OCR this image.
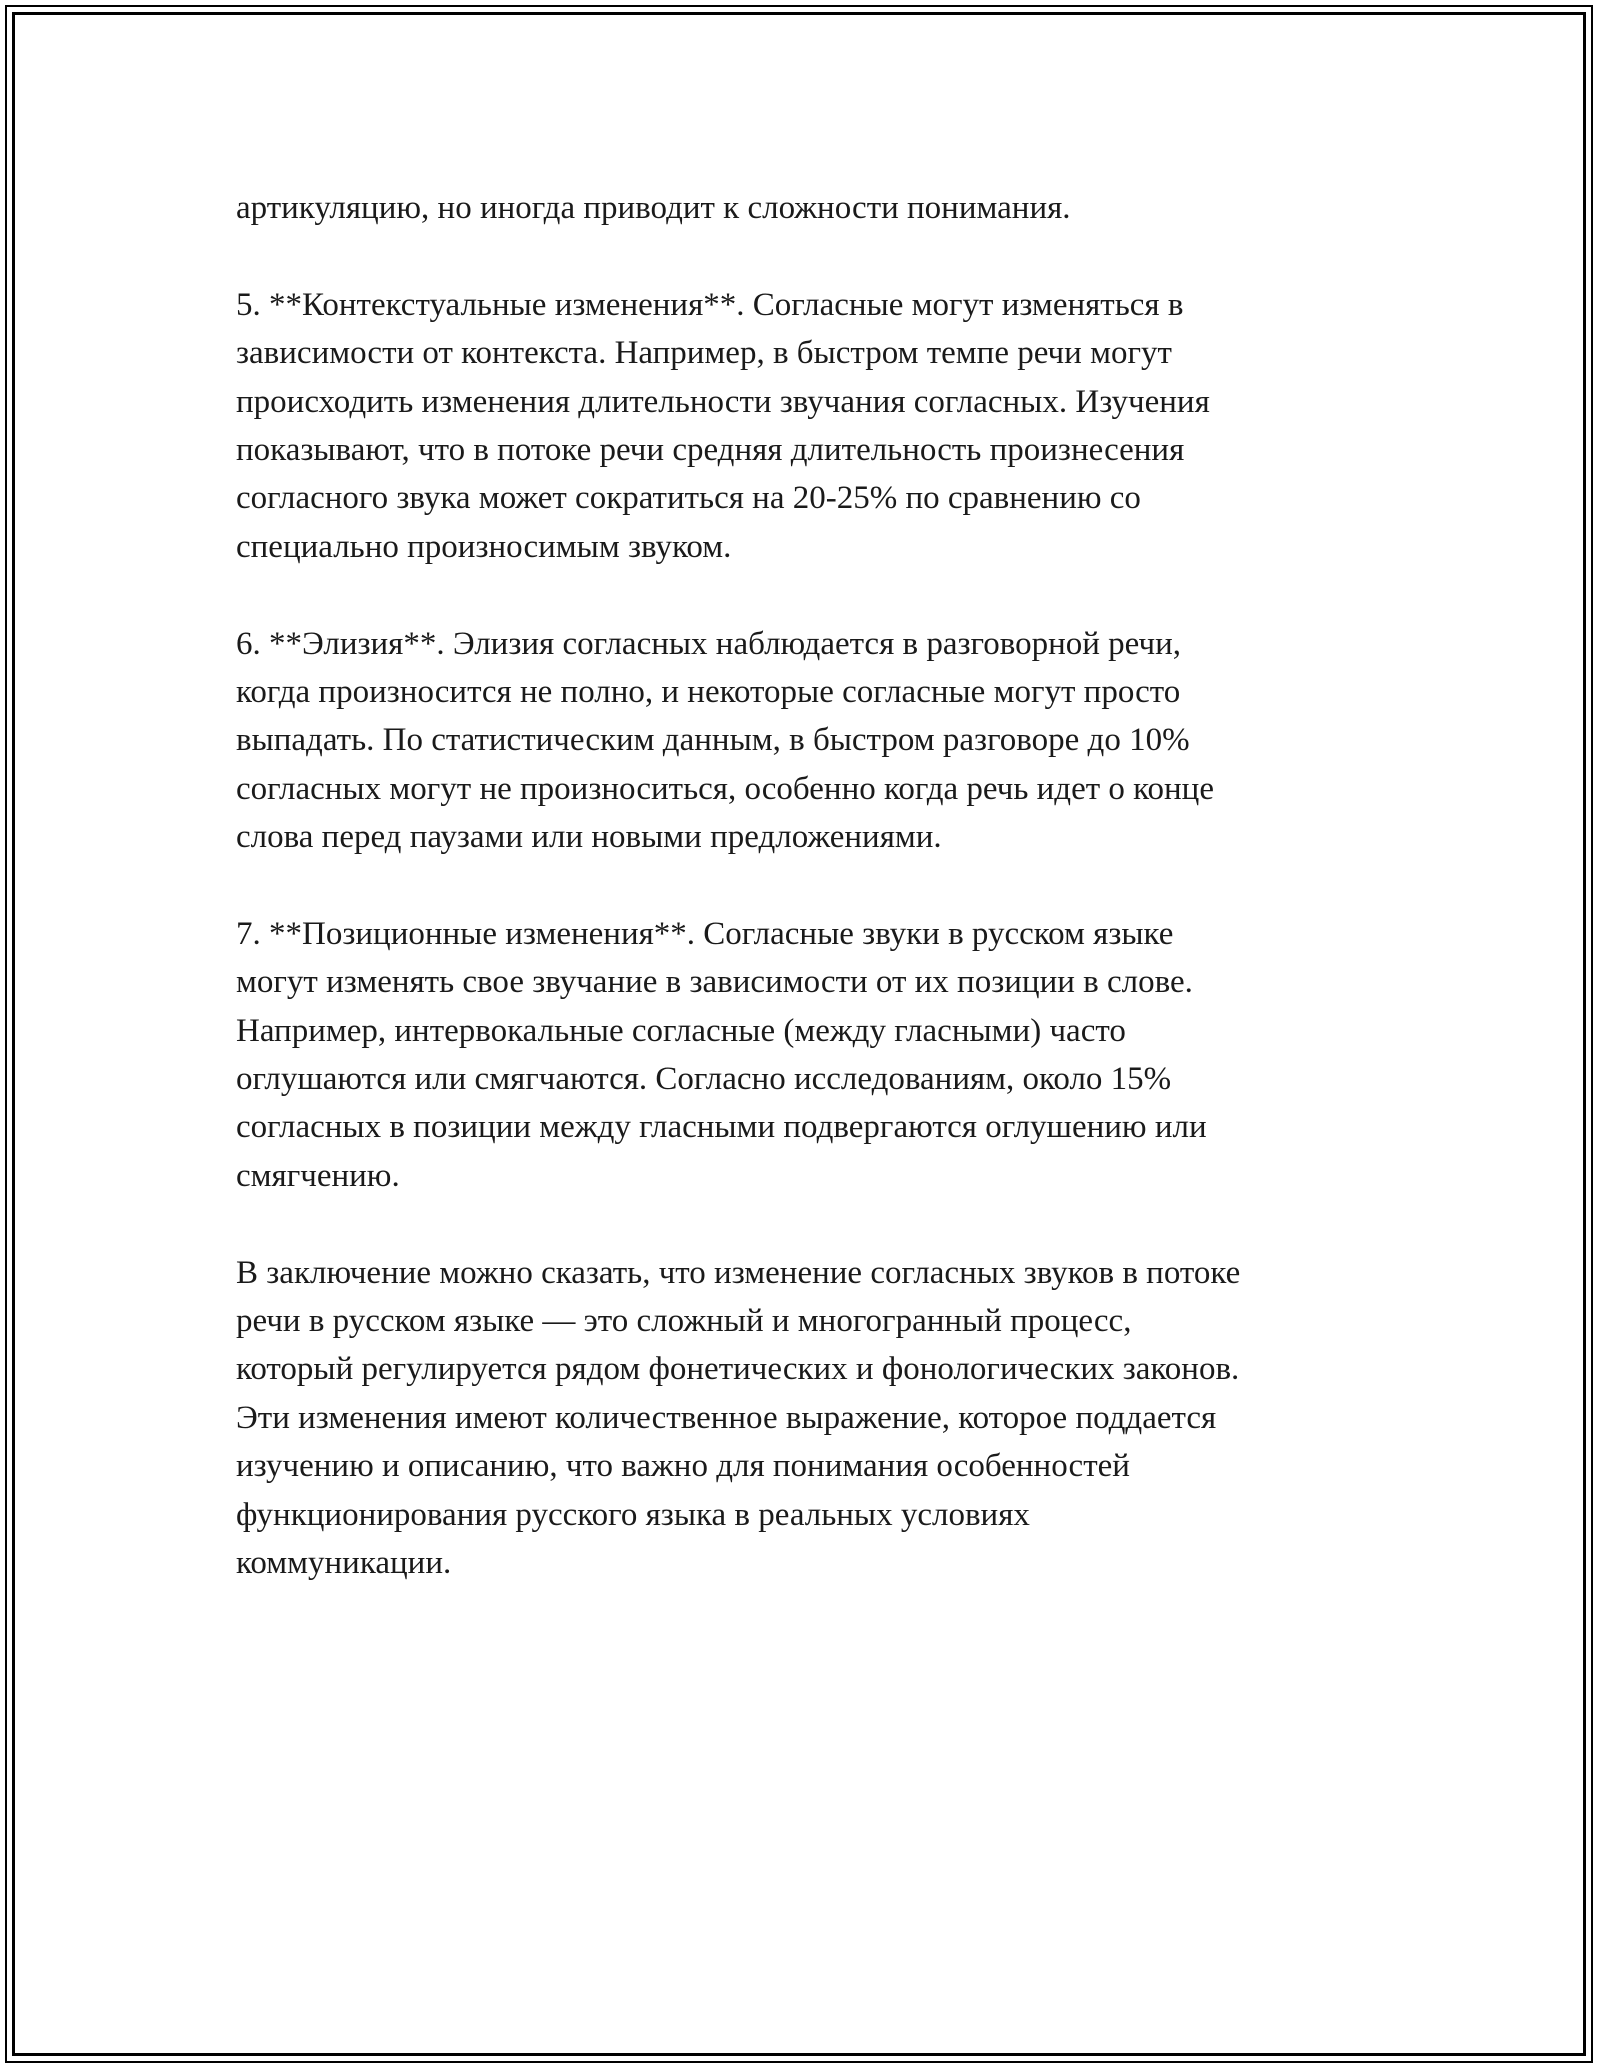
артикуляцию, но иногда приводит к сложности понимания.

5. **Контекстуальные изменения**. Согласные могут изменяться в
зависимости от контекста. Например, в быстром темпе речи могут
происходить изменения длительности звучания согласных. Изучения
показывают, что в потоке речи средняя длительность произнесения
согласного звука может сократиться на 20-25% по сравнению со
специально произносимым звуком.

6. **Элизия**. Элизия согласных наблюдается в разговорной речи,
когда произносится не полно, и некоторые согласные могут просто
выпадать. По статистическим данным, в быстром разговоре до 10%
согласных могут не произноситься, особенно когда речь идет о конце
слова перед паузами или новыми предложениями.

7. **Позиционные изменения**. Согласные звуки в русском языке
могут изменять свое звучание в зависимости от их позиции в слове.
Например, интервокальные согласные (между гласными) часто
оглушаются или смягчаются. Согласно исследованиям, около 15%
согласных в позиции между гласными подвергаются оглушению или
смягчению.

В заключение можно сказать, что изменение согласных звуков в потоке
речи в русском языке — это сложный и многогранный процесс,
который регулируется рядом фонетических и фонологических законов.
Эти изменения имеют количественное выражение, которое поддается
изучению и описанию, что важно для понимания особенностей
функционирования русского языка в реальных условиях
коммуникации.
